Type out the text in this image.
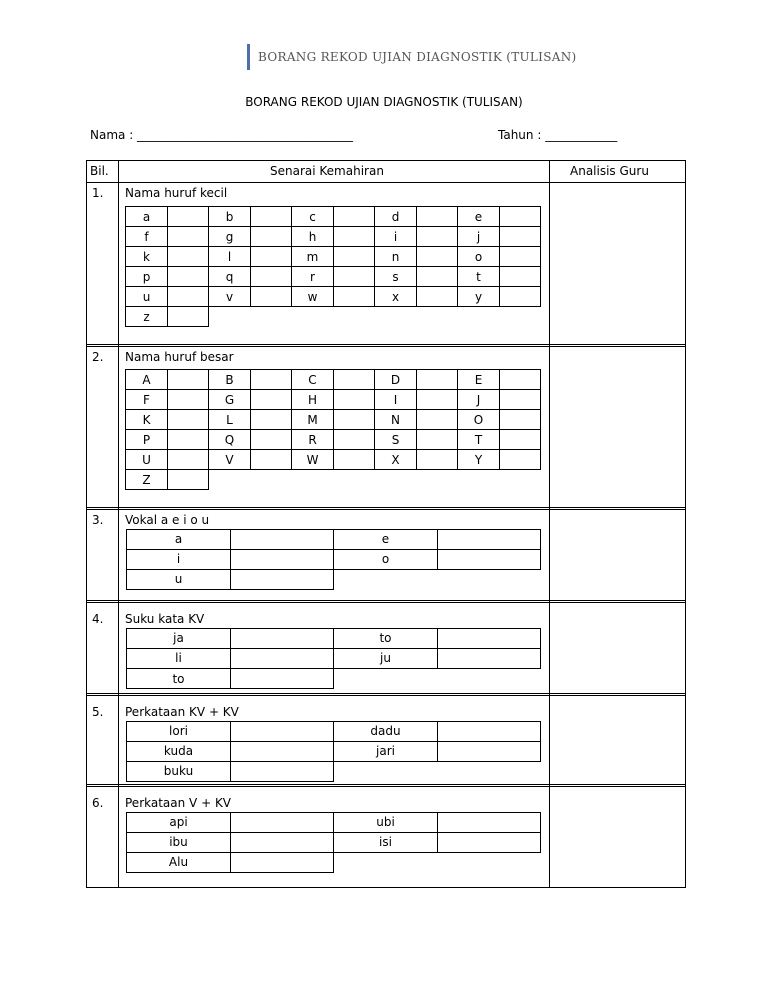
BORANG REKOD UJIAN DIAGNOSTIK (TULISAN)
BORANG REKOD UJIAN DIAGNOSTIK (TULISAN)
Nama : ____________________________________	Tahun : ____________
Bil.	Senarai Kemahiran	Analisis Guru
1. Nama huruf kecil
a	b	c	d	e
f	g	h	i	j
k	l	m	n	o
p	q	r	s	t
u	v	w	x	y
z
2. Nama huruf besar
A	B	C	D	E
F	G	H	I	J
K	L	M	N	O
P	Q	R	S	T
U	V	W	X	Y
Z
3. Vokal a e i o u
a	e
i	o
u
4. Suku kata KV
ja	to
li	ju
to
5. Perkataan KV + KV
lori	dadu
kuda	jari
buku
6. Perkataan V + KV
api	ubi
ibu	isi
Alu
